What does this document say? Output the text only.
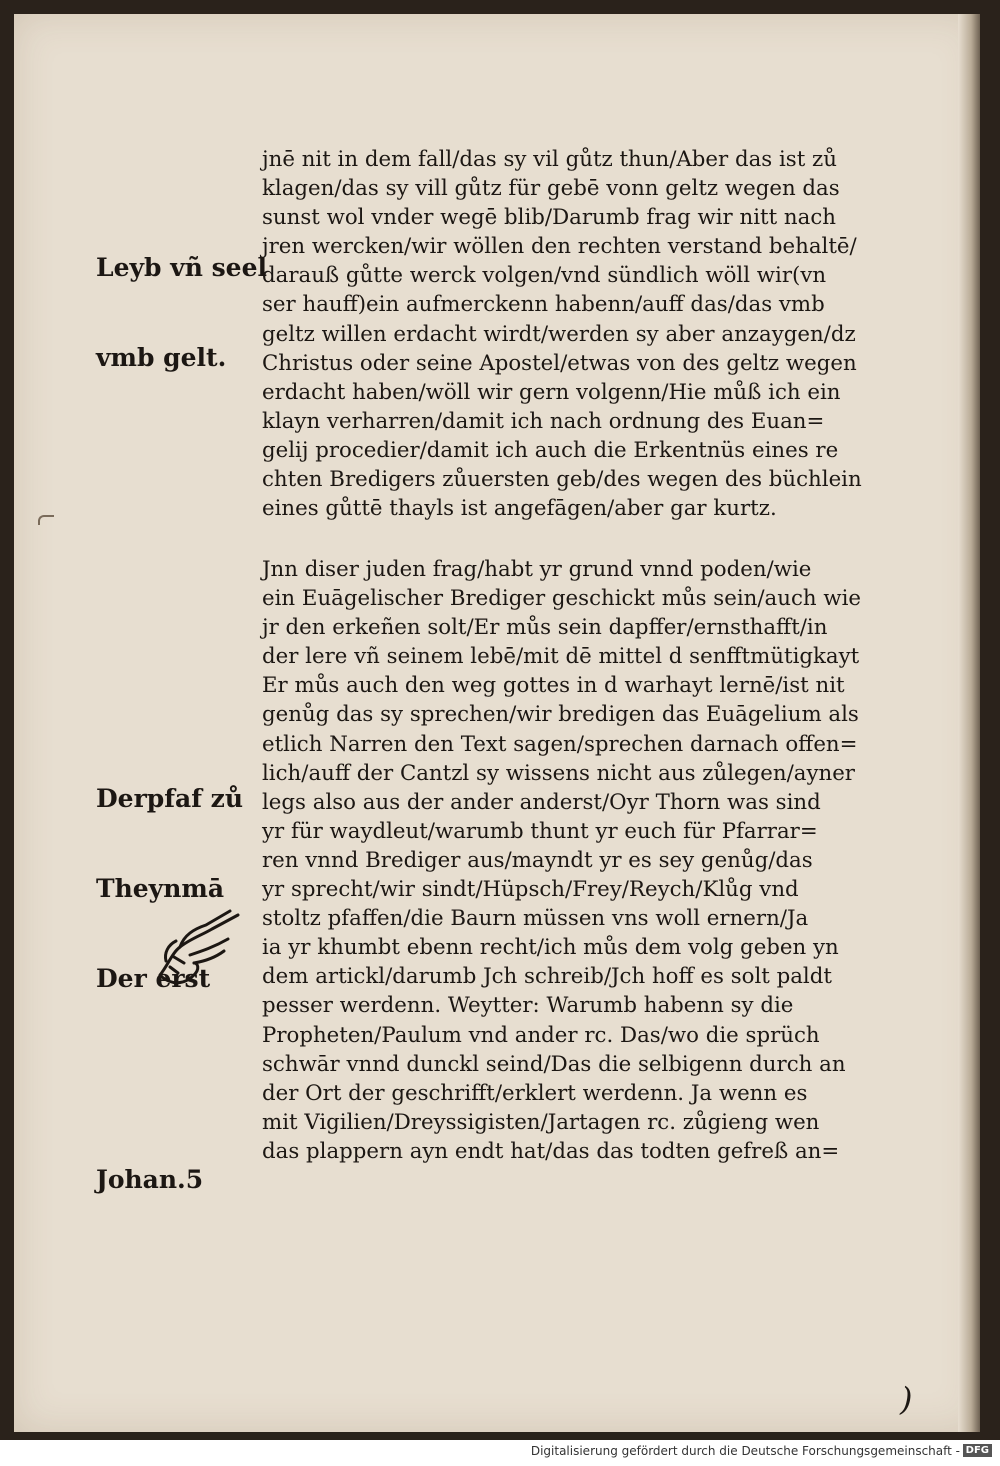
Leyb vñ seel

vmb gelt.

Derpfaf zů

Theynmā

Der erst

Johan.5

jnē nit in dem fall/das sy vil gůtz thun/Aber das ist zů
klagen/das sy vill gůtz für gebē vonn geltz wegen das
sunst wol vnder wegē blib/Darumb frag wir nitt nach
jren wercken/wir wöllen den rechten verstand behaltē/
darauß gůtte werck volgen/vnd sündlich wöll wir(vn
ser hauff)ein aufmerckenn habenn/auff das/das vmb
geltz willen erdacht wirdt/werden sy aber anzaygen/dz
Christus oder seine Apostel/etwas von des geltz wegen
erdacht haben/wöll wir gern volgenn/Hie můß ich ein
klayn verharren/damit ich nach ordnung des Euan=
gelij procedier/damit ich auch die Erkentnüs eines re
chten Bredigers zůuersten geb/des wegen des büchlein
eines gůttē thayls ist angefāgen/aber gar kurtz.
Jnn diser juden frag/habt yr grund vnnd poden/wie
ein Euāgelischer Brediger geschickt můs sein/auch wie
jr den erkeñen solt/Er můs sein dapffer/ernsthafft/in
der lere vñ seinem lebē/mit dē mittel d senfftmütigkayt
Er můs auch den weg gottes in d warhayt lernē/ist nit
genůg das sy sprechen/wir bredigen das Euāgelium als
etlich Narren den Text sagen/sprechen darnach offen=
lich/auff der Cantzl sy wissens nicht aus zůlegen/ayner
legs also aus der ander anderst/Oyr Thorn was sind
yr für waydleut/warumb thunt yr euch für Pfarrar=
ren vnnd Brediger aus/mayndt yr es sey genůg/das
yr sprecht/wir sindt/Hüpsch/Frey/Reych/Klůg vnd
stoltz pfaffen/die Baurn müssen vns woll ernern/Ja
ia yr khumbt ebenn recht/ich můs dem volg geben yn
dem artickl/darumb Jch schreib/Jch hoff es solt paldt
pesser werdenn. Weytter: Warumb habenn sy die
Propheten/Paulum vnd ander rc. Das/wo die sprüch
schwār vnnd dunckl seind/Das die selbigenn durch an
der Ort der geschrifft/erklert werdenn. Ja wenn es
mit Vigilien/Dreyssigisten/Jartagen rc. zůgieng wen
das plappern ayn endt hat/das das todten gefreß an=
)
Digitalisierung gefördert durch die Deutsche Forschungsgemeinschaft - DFG
